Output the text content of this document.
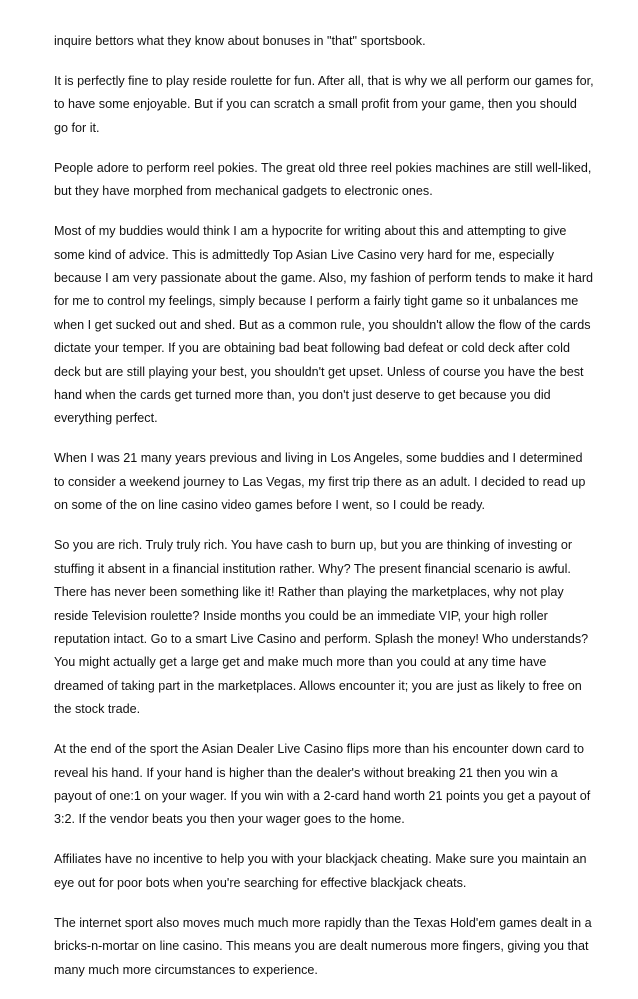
inquire bettors what they know about bonuses in "that" sportsbook.

It is perfectly fine to play reside roulette for fun. After all, that is why we all perform our games for, to have some enjoyable. But if you can scratch a small profit from your game, then you should go for it.

People adore to perform reel pokies. The great old three reel pokies machines are still well-liked, but they have morphed from mechanical gadgets to electronic ones.

Most of my buddies would think I am a hypocrite for writing about this and attempting to give some kind of advice. This is admittedly Top Asian Live Casino very hard for me, especially because I am very passionate about the game. Also, my fashion of perform tends to make it hard for me to control my feelings, simply because I perform a fairly tight game so it unbalances me when I get sucked out and shed. But as a common rule, you shouldn't allow the flow of the cards dictate your temper. If you are obtaining bad beat following bad defeat or cold deck after cold deck but are still playing your best, you shouldn't get upset. Unless of course you have the best hand when the cards get turned more than, you don't just deserve to get because you did everything perfect.

When I was 21 many years previous and living in Los Angeles, some buddies and I determined to consider a weekend journey to Las Vegas, my first trip there as an adult. I decided to read up on some of the on line casino video games before I went, so I could be ready.

So you are rich. Truly truly rich. You have cash to burn up, but you are thinking of investing or stuffing it absent in a financial institution rather. Why? The present financial scenario is awful. There has never been something like it! Rather than playing the marketplaces, why not play reside Television roulette? Inside months you could be an immediate VIP, your high roller reputation intact. Go to a smart Live Casino and perform. Splash the money! Who understands? You might actually get a large get and make much more than you could at any time have dreamed of taking part in the marketplaces. Allows encounter it; you are just as likely to free on the stock trade.

At the end of the sport the Asian Dealer Live Casino flips more than his encounter down card to reveal his hand. If your hand is higher than the dealer's without breaking 21 then you win a payout of one:1 on your wager. If you win with a 2-card hand worth 21 points you get a payout of 3:2. If the vendor beats you then your wager goes to the home.

Affiliates have no incentive to help you with your blackjack cheating. Make sure you maintain an eye out for poor bots when you're searching for effective blackjack cheats.

The internet sport also moves much much more rapidly than the Texas Hold'em games dealt in a bricks-n-mortar on line casino. This means you are dealt numerous more fingers, giving you that many much more circumstances to experience.
